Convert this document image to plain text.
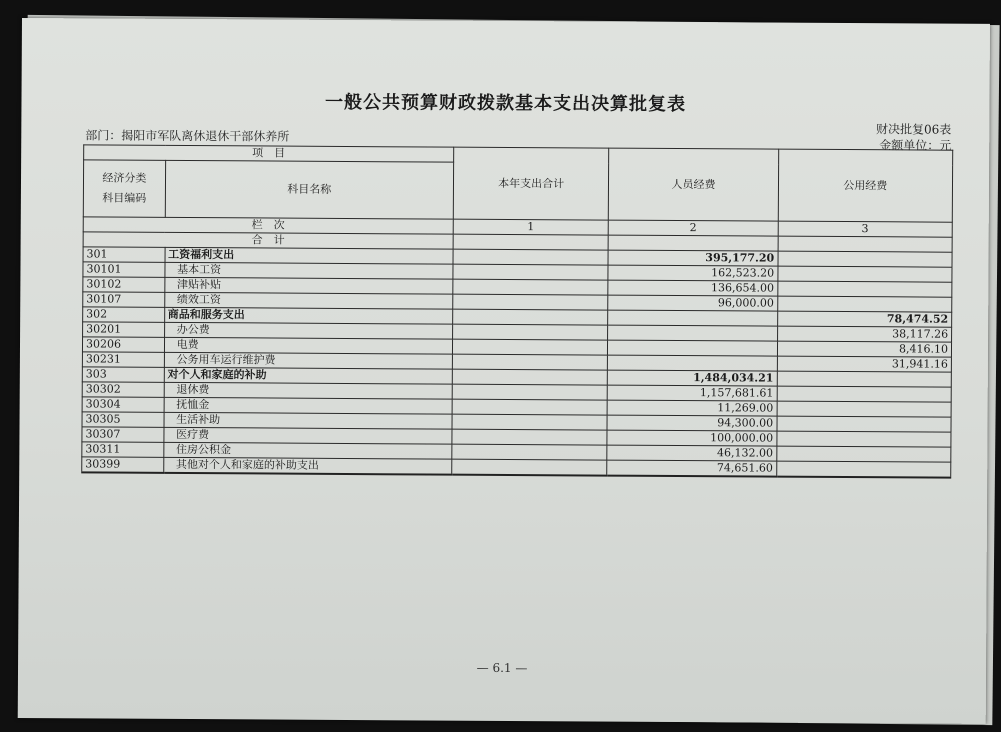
一般公共预算财政拨款基本支出决算批复表
部门：揭阳市军队离休退休干部休养所	财决批复06表
金额单位：元
项　目		本年支出合计	人员经费	公用经费

经济分类
科目编码	科目名称			
栏　次		1	2	3
合　计				
301	工资福利支出		395,177.20	
30101	基本工资		162,523.20	
30102	津贴补贴		136,654.00	
30107	绩效工资		96,000.00	
302	商品和服务支出			78,474.52
30201	办公费			38,117.26
30206	电费			8,416.10
30231	公务用车运行维护费			31,941.16
303	对个人和家庭的补助		1,484,034.21	
30302	退休费		1,157,681.61	
30304	抚恤金		11,269.00	
30305	生活补助		94,300.00	
30307	医疗费		100,000.00	
30311	住房公积金		46,132.00	
30399	其他对个人和家庭的补助支出		74,651.60	
— 6.1 —
